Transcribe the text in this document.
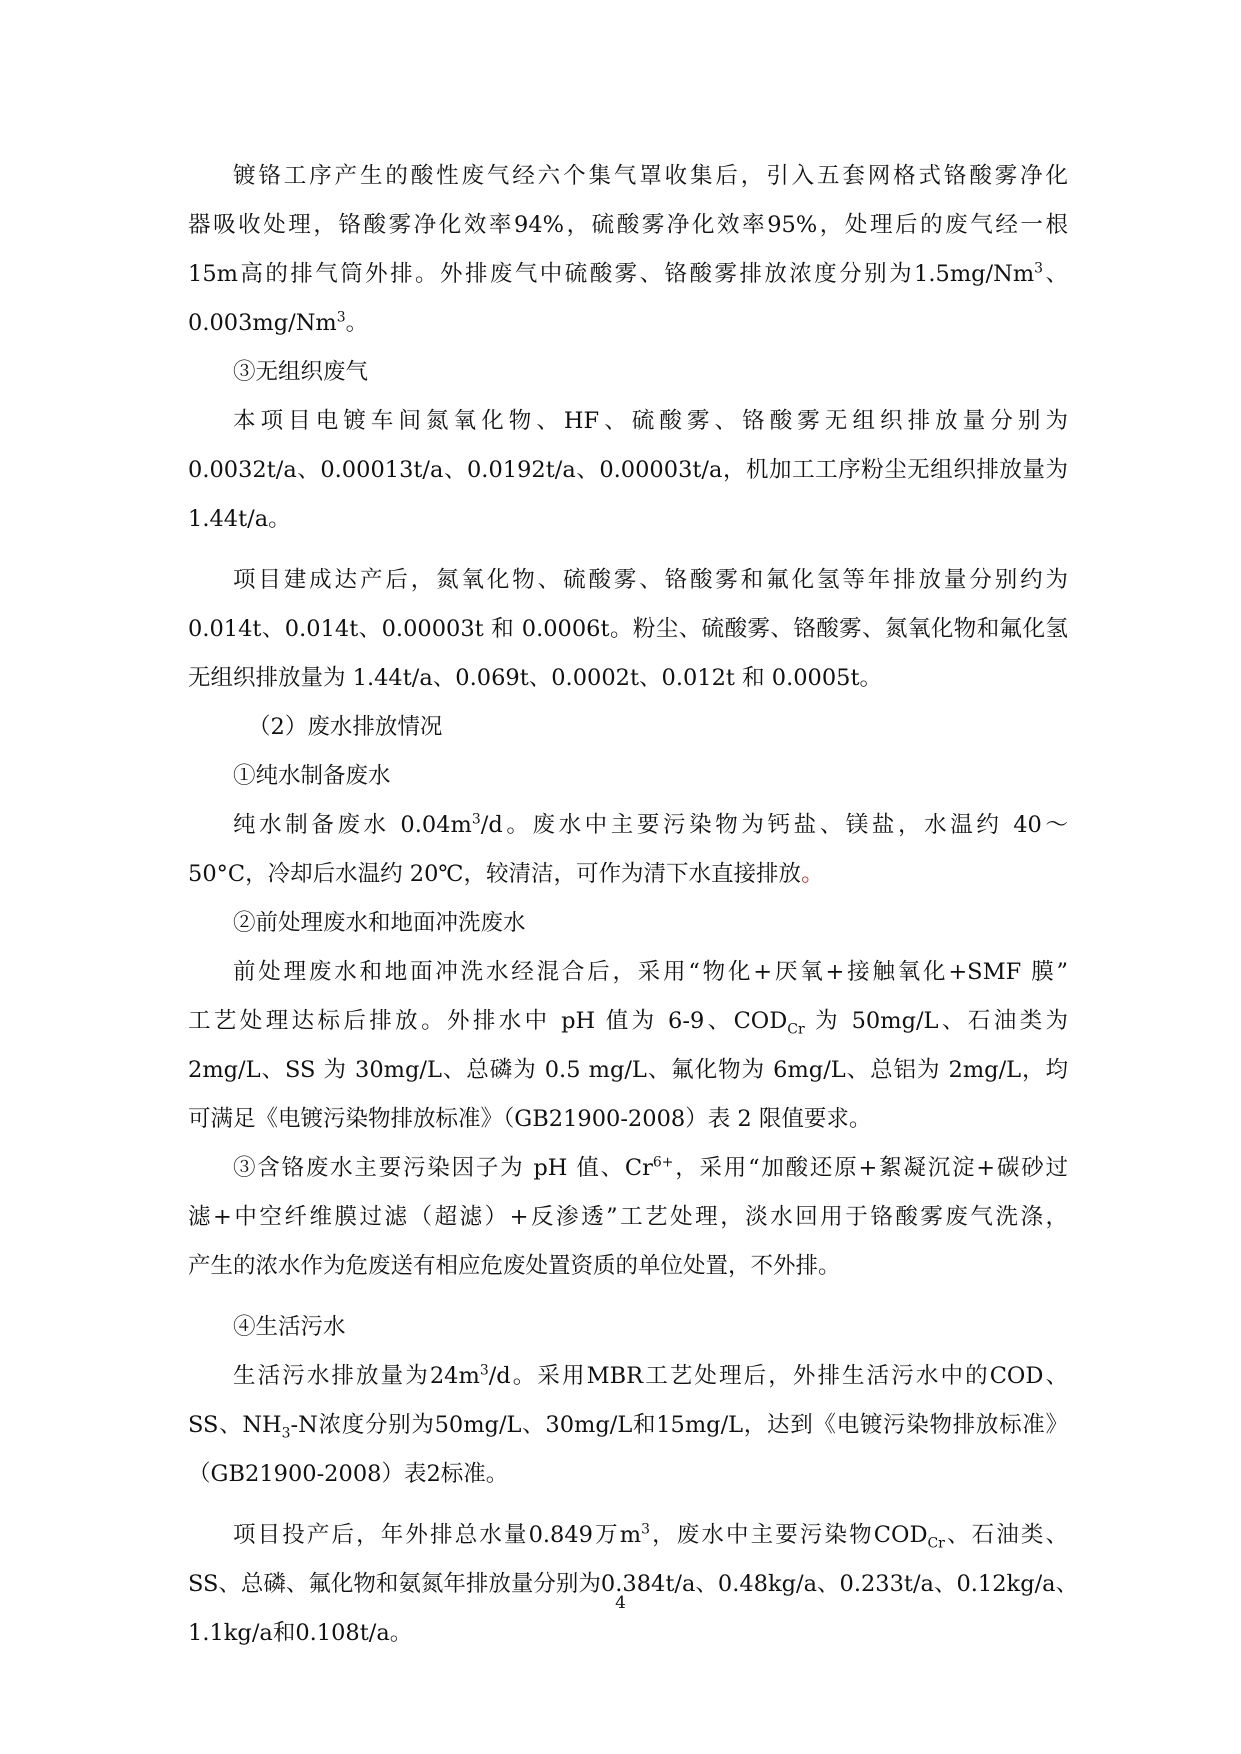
镀铬工序产生的酸性废气经六个集气罩收集后，引入五套网格式铬酸雾净化
器吸收处理，铬酸雾净化效率94%，硫酸雾净化效率95%，处理后的废气经一根
15m高的排气筒外排。外排废气中硫酸雾、铬酸雾排放浓度分别为1.5mg/Nm$^3$、
0.003mg/Nm$^3$。
③无组织废气
本项目电镀车间氮氧化物、HF、硫酸雾、铬酸雾无组织排放量分别为
0.0032t/a、0.00013t/a、0.0192t/a、0.00003t/a，机加工工序粉尘无组织排放量为
1.44t/a。
项目建成达产后，氮氧化物、硫酸雾、铬酸雾和氟化氢等年排放量分别约为
0.014t、0.014t、0.00003t 和 0.0006t。粉尘、硫酸雾、铬酸雾、氮氧化物和氟化氢
无组织排放量为 1.44t/a、0.069t、0.0002t、0.012t 和 0.0005t。
（2）废水排放情况
①纯水制备废水
纯水制备废水 $0.04m^3/d$。废水中主要污染物为钙盐、镁盐，水温约 40～
50°C，冷却后水温约 20℃，较清洁，可作为清下水直接排放。
②前处理废水和地面冲洗废水
前处理废水和地面冲洗水经混合后，采用“物化+厌氧+接触氧化+SMF 膜”
工艺处理达标后排放。外排水中 pH 值为 6-9、$COD_{Cr}$ 为 50mg/L、石油类为
2mg/L、SS 为 30mg/L、总磷为 0.5 mg/L、氟化物为 6mg/L、总铝为 2mg/L，均
可满足《电镀污染物排放标准》（GB21900-2008）表 2 限值要求。
③含铬废水主要污染因子为 pH 值、$Cr^{6+}$，采用“加酸还原+絮凝沉淀+碳砂过
滤+中空纤维膜过滤（超滤）+反渗透”工艺处理，淡水回用于铬酸雾废气洗涤，
产生的浓水作为危废送有相应危废处置资质的单位处置，不外排。
④生活污水
生活污水排放量为$24m^3/d$。采用MBR工艺处理后，外排生活污水中的COD、
SS、$NH_3-N$浓度分别为50mg/L、30mg/L和15mg/L，达到《电镀污染物排放标准》
（GB21900-2008）表2标准。
项目投产后，年外排总水量0.849万$m^3$，废水中主要污染物$COD_{Cr}$、石油类、
SS、总磷、氟化物和氨氮年排放量分别为0.384t/a、0.48kg/a、0.233t/a、0.12kg/a、
1.1kg/a和0.108t/a。
4
